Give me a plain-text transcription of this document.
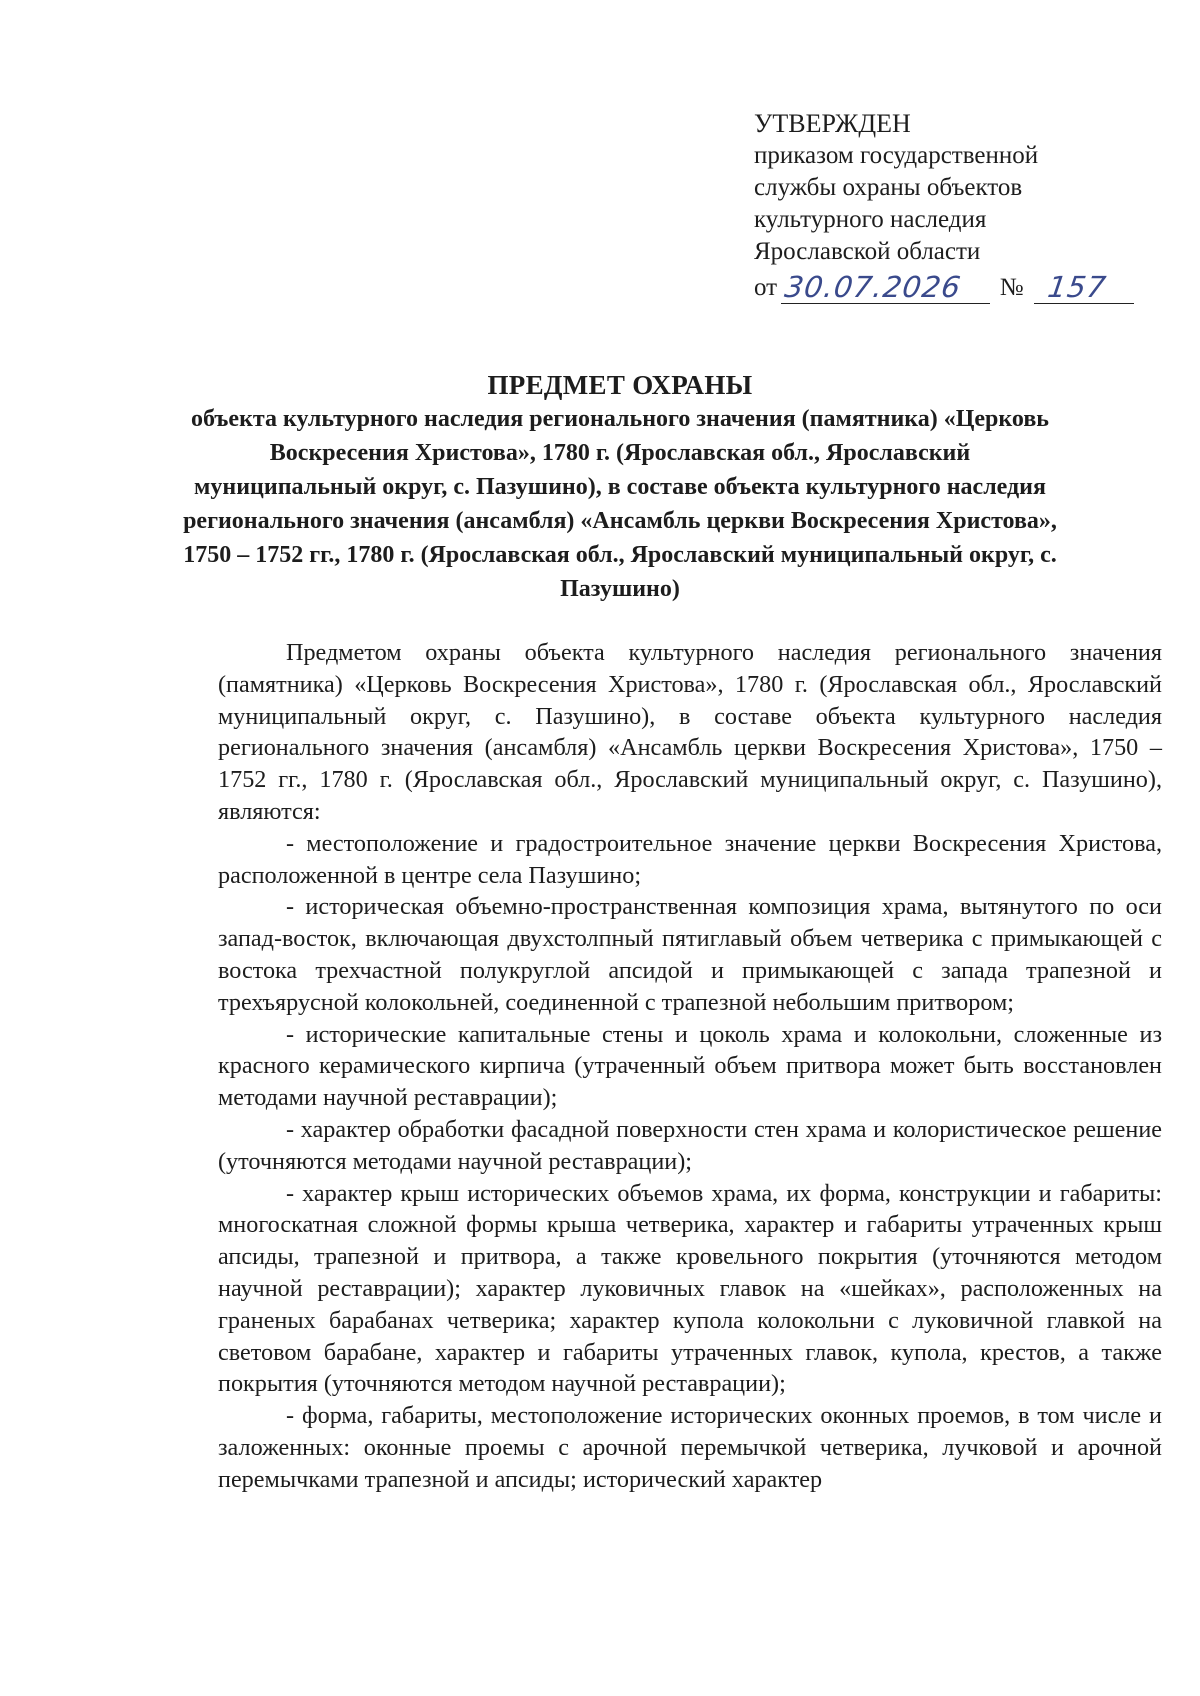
УТВЕРЖДЕН
приказом государственной
службы охраны объектов
культурного наследия
Ярославской области
от 30.07.2026 № 157
ПРЕДМЕТ ОХРАНЫ
объекта культурного наследия регионального значения (памятника) «Церковь Воскресения Христова», 1780 г. (Ярославская обл., Ярославский муниципальный округ, с. Пазушино), в составе объекта культурного наследия регионального значения (ансамбля) «Ансамбль церкви Воскресения Христова», 1750 – 1752 гг., 1780 г. (Ярославская обл., Ярославский муниципальный округ, с. Пазушино)

Предметом охраны объекта культурного наследия регионального значения (памятника) «Церковь Воскресения Христова», 1780 г. (Ярославская обл., Ярославский муниципальный округ, с. Пазушино), в составе объекта культурного наследия регионального значения (ансамбля) «Ансамбль церкви Воскресения Христова», 1750 – 1752 гг., 1780 г. (Ярославская обл., Ярославский муниципальный округ, с. Пазушино), являются:

- местоположение и градостроительное значение церкви Воскресения Христова, расположенной в центре села Пазушино;

- историческая объемно-пространственная композиция храма, вытянутого по оси запад-восток, включающая двухстолпный пятиглавый объем четверика с примыкающей с востока трехчастной полукруглой апсидой и примыкающей с запада трапезной и трехъярусной колокольней, соединенной с трапезной небольшим притвором;

- исторические капитальные стены и цоколь храма и колокольни, сложенные из красного керамического кирпича (утраченный объем притвора может быть восстановлен методами научной реставрации);

- характер обработки фасадной поверхности стен храма и колористическое решение (уточняются методами научной реставрации);

- характер крыш исторических объемов храма, их форма, конструкции и габариты: многоскатная сложной формы крыша четверика, характер и габариты утраченных крыш апсиды, трапезной и притвора, а также кровельного покрытия (уточняются методом научной реставрации); характер луковичных главок на «шейках», расположенных на граненых барабанах четверика; характер купола колокольни с луковичной главкой на световом барабане, характер и габариты утраченных главок, купола, крестов, а также покрытия (уточняются методом научной реставрации);

- форма, габариты, местоположение исторических оконных проемов, в том числе и заложенных: оконные проемы с арочной перемычкой четверика, лучковой и арочной перемычками трапезной и апсиды; исторический характер
